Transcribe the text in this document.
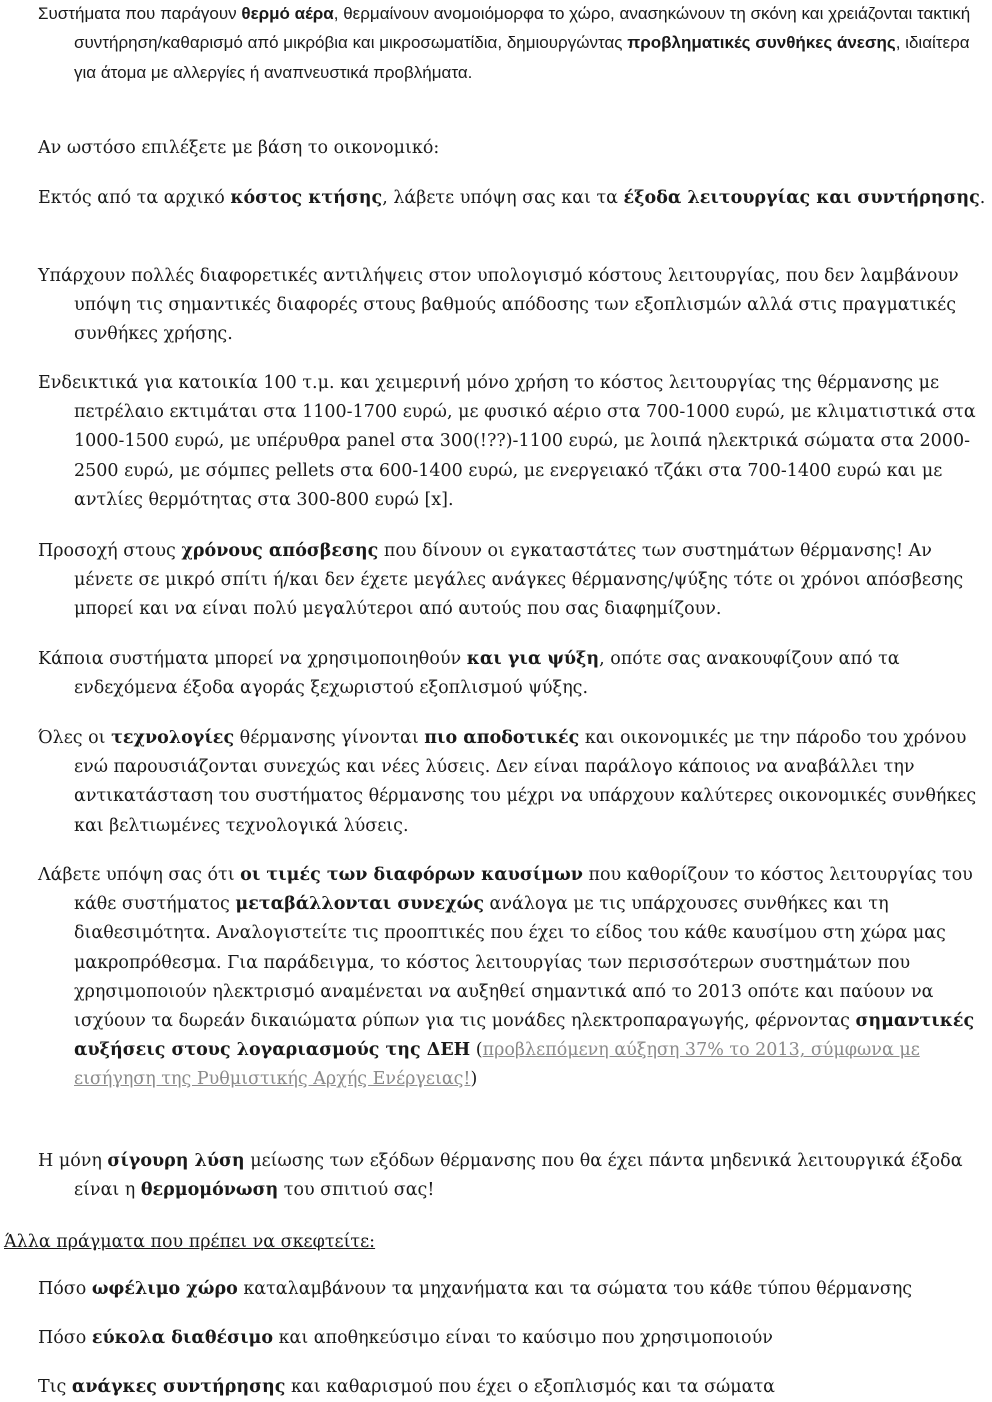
Συστήματα που παράγουν θερμό αέρα, θερμαίνουν ανομοιόμορφα το χώρο, ανασηκώνουν τη σκόνη και χρειάζονται τακτική συντήρηση/καθαρισμό από μικρόβια και μικροσωματίδια, δημιουργώντας προβληματικές συνθήκες άνεσης, ιδιαίτερα για άτομα με αλλεργίες ή αναπνευστικά προβλήματα.

Αν ωστόσο επιλέξετε με βάση το οικονομικό:

Εκτός από τα αρχικό κόστος κτήσης, λάβετε υπόψη σας και τα έξοδα λειτουργίας και συντήρησης.

Υπάρχουν πολλές διαφορετικές αντιλήψεις στον υπολογισμό κόστους λειτουργίας, που δεν λαμβάνουν υπόψη τις σημαντικές διαφορές στους βαθμούς απόδοσης των εξοπλισμών αλλά στις πραγματικές συνθήκες χρήσης.

Ενδεικτικά για κατοικία 100 τ.μ. και χειμερινή μόνο χρήση το κόστος λειτουργίας της θέρμανσης με πετρέλαιο εκτιμάται στα 1100-1700 ευρώ, με φυσικό αέριο στα 700-1000 ευρώ, με κλιματιστικά στα 1000-1500 ευρώ, με υπέρυθρα panel στα 300(!??)-1100 ευρώ, με λοιπά ηλεκτρικά σώματα στα 2000-2500 ευρώ, με σόμπες pellets στα 600-1400 ευρώ, με ενεργειακό τζάκι στα 700-1400 ευρώ και με αντλίες θερμότητας στα 300-800 ευρώ [x].

Προσοχή στους χρόνους απόσβεσης που δίνουν οι εγκαταστάτες των συστημάτων θέρμανσης! Αν μένετε σε μικρό σπίτι ή/και δεν έχετε μεγάλες ανάγκες θέρμανσης/ψύξης τότε οι χρόνοι απόσβεσης μπορεί και να είναι πολύ μεγαλύτεροι από αυτούς που σας διαφημίζουν.

Κάποια συστήματα μπορεί να χρησιμοποιηθούν και για ψύξη, οπότε σας ανακουφίζουν από τα ενδεχόμενα έξοδα αγοράς ξεχωριστού εξοπλισμού ψύξης.

Όλες οι τεχνολογίες θέρμανσης γίνονται πιο αποδοτικές και οικονομικές με την πάροδο του χρόνου ενώ παρουσιάζονται συνεχώς και νέες λύσεις. Δεν είναι παράλογο κάποιος να αναβάλλει την αντικατάσταση του συστήματος θέρμανσης του μέχρι να υπάρχουν καλύτερες οικονομικές συνθήκες και βελτιωμένες τεχνολογικά λύσεις.

Λάβετε υπόψη σας ότι οι τιμές των διαφόρων καυσίμων που καθορίζουν το κόστος λειτουργίας του κάθε συστήματος μεταβάλλονται συνεχώς ανάλογα με τις υπάρχουσες συνθήκες και τη διαθεσιμότητα. Αναλογιστείτε τις προοπτικές που έχει το είδος του κάθε καυσίμου στη χώρα μας μακροπρόθεσμα. Για παράδειγμα, το κόστος λειτουργίας των περισσότερων συστημάτων που χρησιμοποιούν ηλεκτρισμό αναμένεται να αυξηθεί σημαντικά από το 2013 οπότε και παύουν να ισχύουν τα δωρεάν δικαιώματα ρύπων για τις μονάδες ηλεκτροπαραγωγής, φέρνοντας σημαντικές αυξήσεις στους λογαριασμούς της ΔΕΗ (προβλεπόμενη αύξηση 37% το 2013, σύμφωνα με εισήγηση της Ρυθμιστικής Αρχής Ενέργειας!)

Η μόνη σίγουρη λύση μείωσης των εξόδων θέρμανσης που θα έχει πάντα μηδενικά λειτουργικά έξοδα είναι η θερμομόνωση του σπιτιού σας!

Άλλα πράγματα που πρέπει να σκεφτείτε:

Πόσο ωφέλιμο χώρο καταλαμβάνουν τα μηχανήματα και τα σώματα του κάθε τύπου θέρμανσης

Πόσο εύκολα διαθέσιμο και αποθηκεύσιμο είναι το καύσιμο που χρησιμοποιούν

Τις ανάγκες συντήρησης και καθαρισμού που έχει ο εξοπλισμός και τα σώματα
